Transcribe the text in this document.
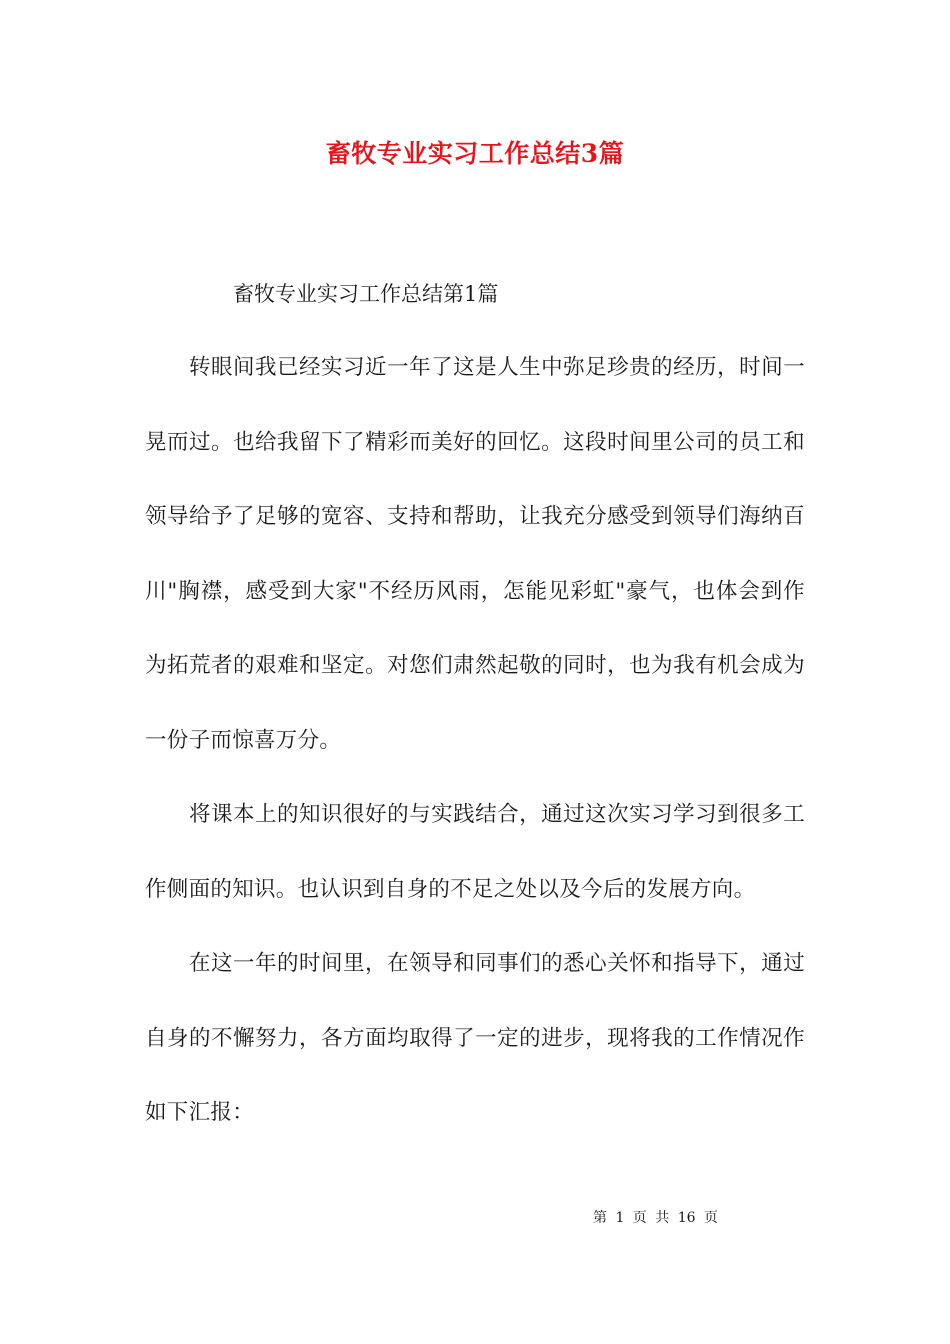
畜牧专业实习工作总结3篇
畜牧专业实习工作总结第1篇

转眼间我已经实习近一年了这是人生中弥足珍贵的经历，时间一晃而过。也给我留下了精彩而美好的回忆。这段时间里公司的员工和领导给予了足够的宽容、支持和帮助，让我充分感受到领导们海纳百川"胸襟，感受到大家"不经历风雨，怎能见彩虹"豪气，也体会到作为拓荒者的艰难和坚定。对您们肃然起敬的同时，也为我有机会成为一份子而惊喜万分。

将课本上的知识很好的与实践结合，通过这次实习学习到很多工作侧面的知识。也认识到自身的不足之处以及今后的发展方向。

在这一年的时间里，在领导和同事们的悉心关怀和指导下，通过自身的不懈努力，各方面均取得了一定的进步，现将我的工作情况作如下汇报：

第 1 页 共 16 页
